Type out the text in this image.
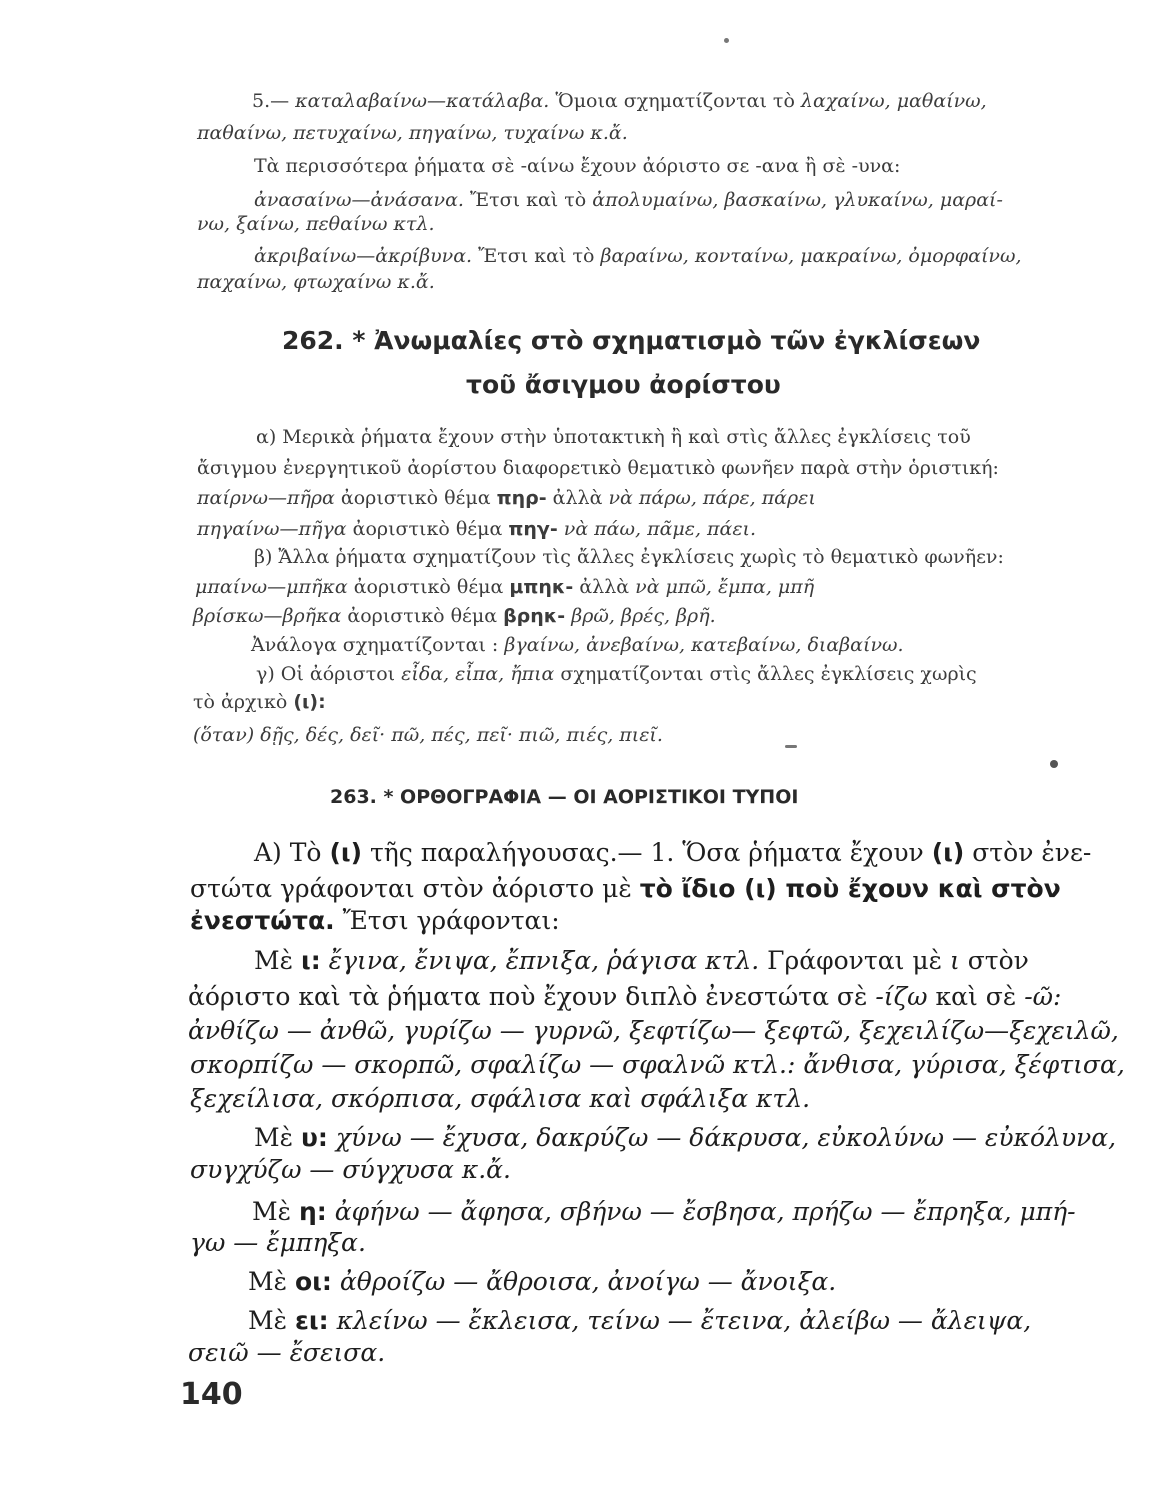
5.— καταλαβαίνω—κατάλαβα. Ὅμοια σχηματίζονται τὸ λαχαίνω, μαθαίνω,
παθαίνω, πετυχαίνω, πηγαίνω, τυχαίνω κ.ἄ.
Τὰ περισσότερα ῥήματα σὲ -αίνω ἔχουν ἀόριστο σε -ανα ἢ σὲ -υνα:
ἀνασαίνω—ἀνάσανα. Ἔτσι καὶ τὸ ἀπολυμαίνω, βασκαίνω, γλυκαίνω, μαραί-
νω, ξαίνω, πεθαίνω κτλ.
ἀκριβαίνω—ἀκρίβυνα. Ἔτσι καὶ τὸ βαραίνω, κονταίνω, μακραίνω, ὀμορφαίνω,
παχαίνω, φτωχαίνω κ.ἄ.
262. * Ἀνωμαλίες στὸ σχηματισμὸ τῶν ἐγκλίσεων
τοῦ ἄσιγμου ἀορίστου
α) Μερικὰ ῥήματα ἔχουν στὴν ὑποτακτικὴ ἢ καὶ στὶς ἄλλες ἐγκλίσεις τοῦ
ἄσιγμου ἐνεργητικοῦ ἀορίστου διαφορετικὸ θεματικὸ φωνῆεν παρὰ στὴν ὁριστική:
παίρνω—πῆρα ἀοριστικὸ θέμα πηρ- ἀλλὰ νὰ πάρω, πάρε, πάρει
πηγαίνω—πῆγα ἀοριστικὸ θέμα πηγ- νὰ πάω, πᾶμε, πάει.
β) Ἄλλα ῥήματα σχηματίζουν τὶς ἄλλες ἐγκλίσεις χωρὶς τὸ θεματικὸ φωνῆεν:
μπαίνω—μπῆκα ἀοριστικὸ θέμα μπηκ- ἀλλὰ νὰ μπῶ, ἔμπα, μπῆ
βρίσκω—βρῆκα ἀοριστικὸ θέμα βρηκ- βρῶ, βρές, βρῆ.
Ἀνάλογα σχηματίζονται : βγαίνω, ἀνεβαίνω, κατεβαίνω, διαβαίνω.
γ) Οἱ ἀόριστοι εἶδα, εἶπα, ἤπια σχηματίζονται στὶς ἄλλες ἐγκλίσεις χωρὶς
τὸ ἀρχικὸ (ι):
(ὅταν) δῇς, δές, δεῖ· πῶ, πές, πεῖ· πιῶ, πιές, πιεῖ.
263. * ΟΡΘΟΓΡΑΦΙΑ — ΟΙ ΑΟΡΙΣΤΙΚΟΙ ΤΥΠΟΙ
Α) Τὸ (ι) τῆς παραλήγουσας.— 1. Ὅσα ῥήματα ἔχουν (ι) στὸν ἐνε-
στώτα γράφονται στὸν ἀόριστο μὲ τὸ ἴδιο (ι) ποὺ ἔχουν καὶ στὸν
ἐνεστώτα. Ἔτσι γράφονται:
Μὲ ι: ἔγινα, ἔνιψα, ἔπνιξα, ῥάγισα κτλ. Γράφονται μὲ ι στὸν
ἀόριστο καὶ τὰ ῥήματα ποὺ ἔχουν διπλὸ ἐνεστώτα σὲ -ίζω καὶ σὲ -ῶ:
ἀνθίζω — ἀνθῶ, γυρίζω — γυρνῶ, ξεφτίζω— ξεφτῶ, ξεχειλίζω—ξεχειλῶ,
σκορπίζω — σκορπῶ, σφαλίζω — σφαλνῶ κτλ.: ἄνθισα, γύρισα, ξέφτισα,
ξεχείλισα, σκόρπισα, σφάλισα καὶ σφάλιξα κτλ.
Μὲ υ: χύνω — ἔχυσα, δακρύζω — δάκρυσα, εὐκολύνω — εὐκόλυνα,
συγχύζω — σύγχυσα κ.ἄ.
Μὲ η: ἀφήνω — ἄφησα, σβήνω — ἔσβησα, πρήζω — ἔπρηξα, μπή-
γω — ἔμπηξα.
Μὲ οι: ἀθροίζω — ἄθροισα, ἀνοίγω — ἄνοιξα.
Μὲ ει: κλείνω — ἔκλεισα, τείνω — ἔτεινα, ἀλείβω — ἄλειψα,
σειῶ — ἔσεισα.
140
